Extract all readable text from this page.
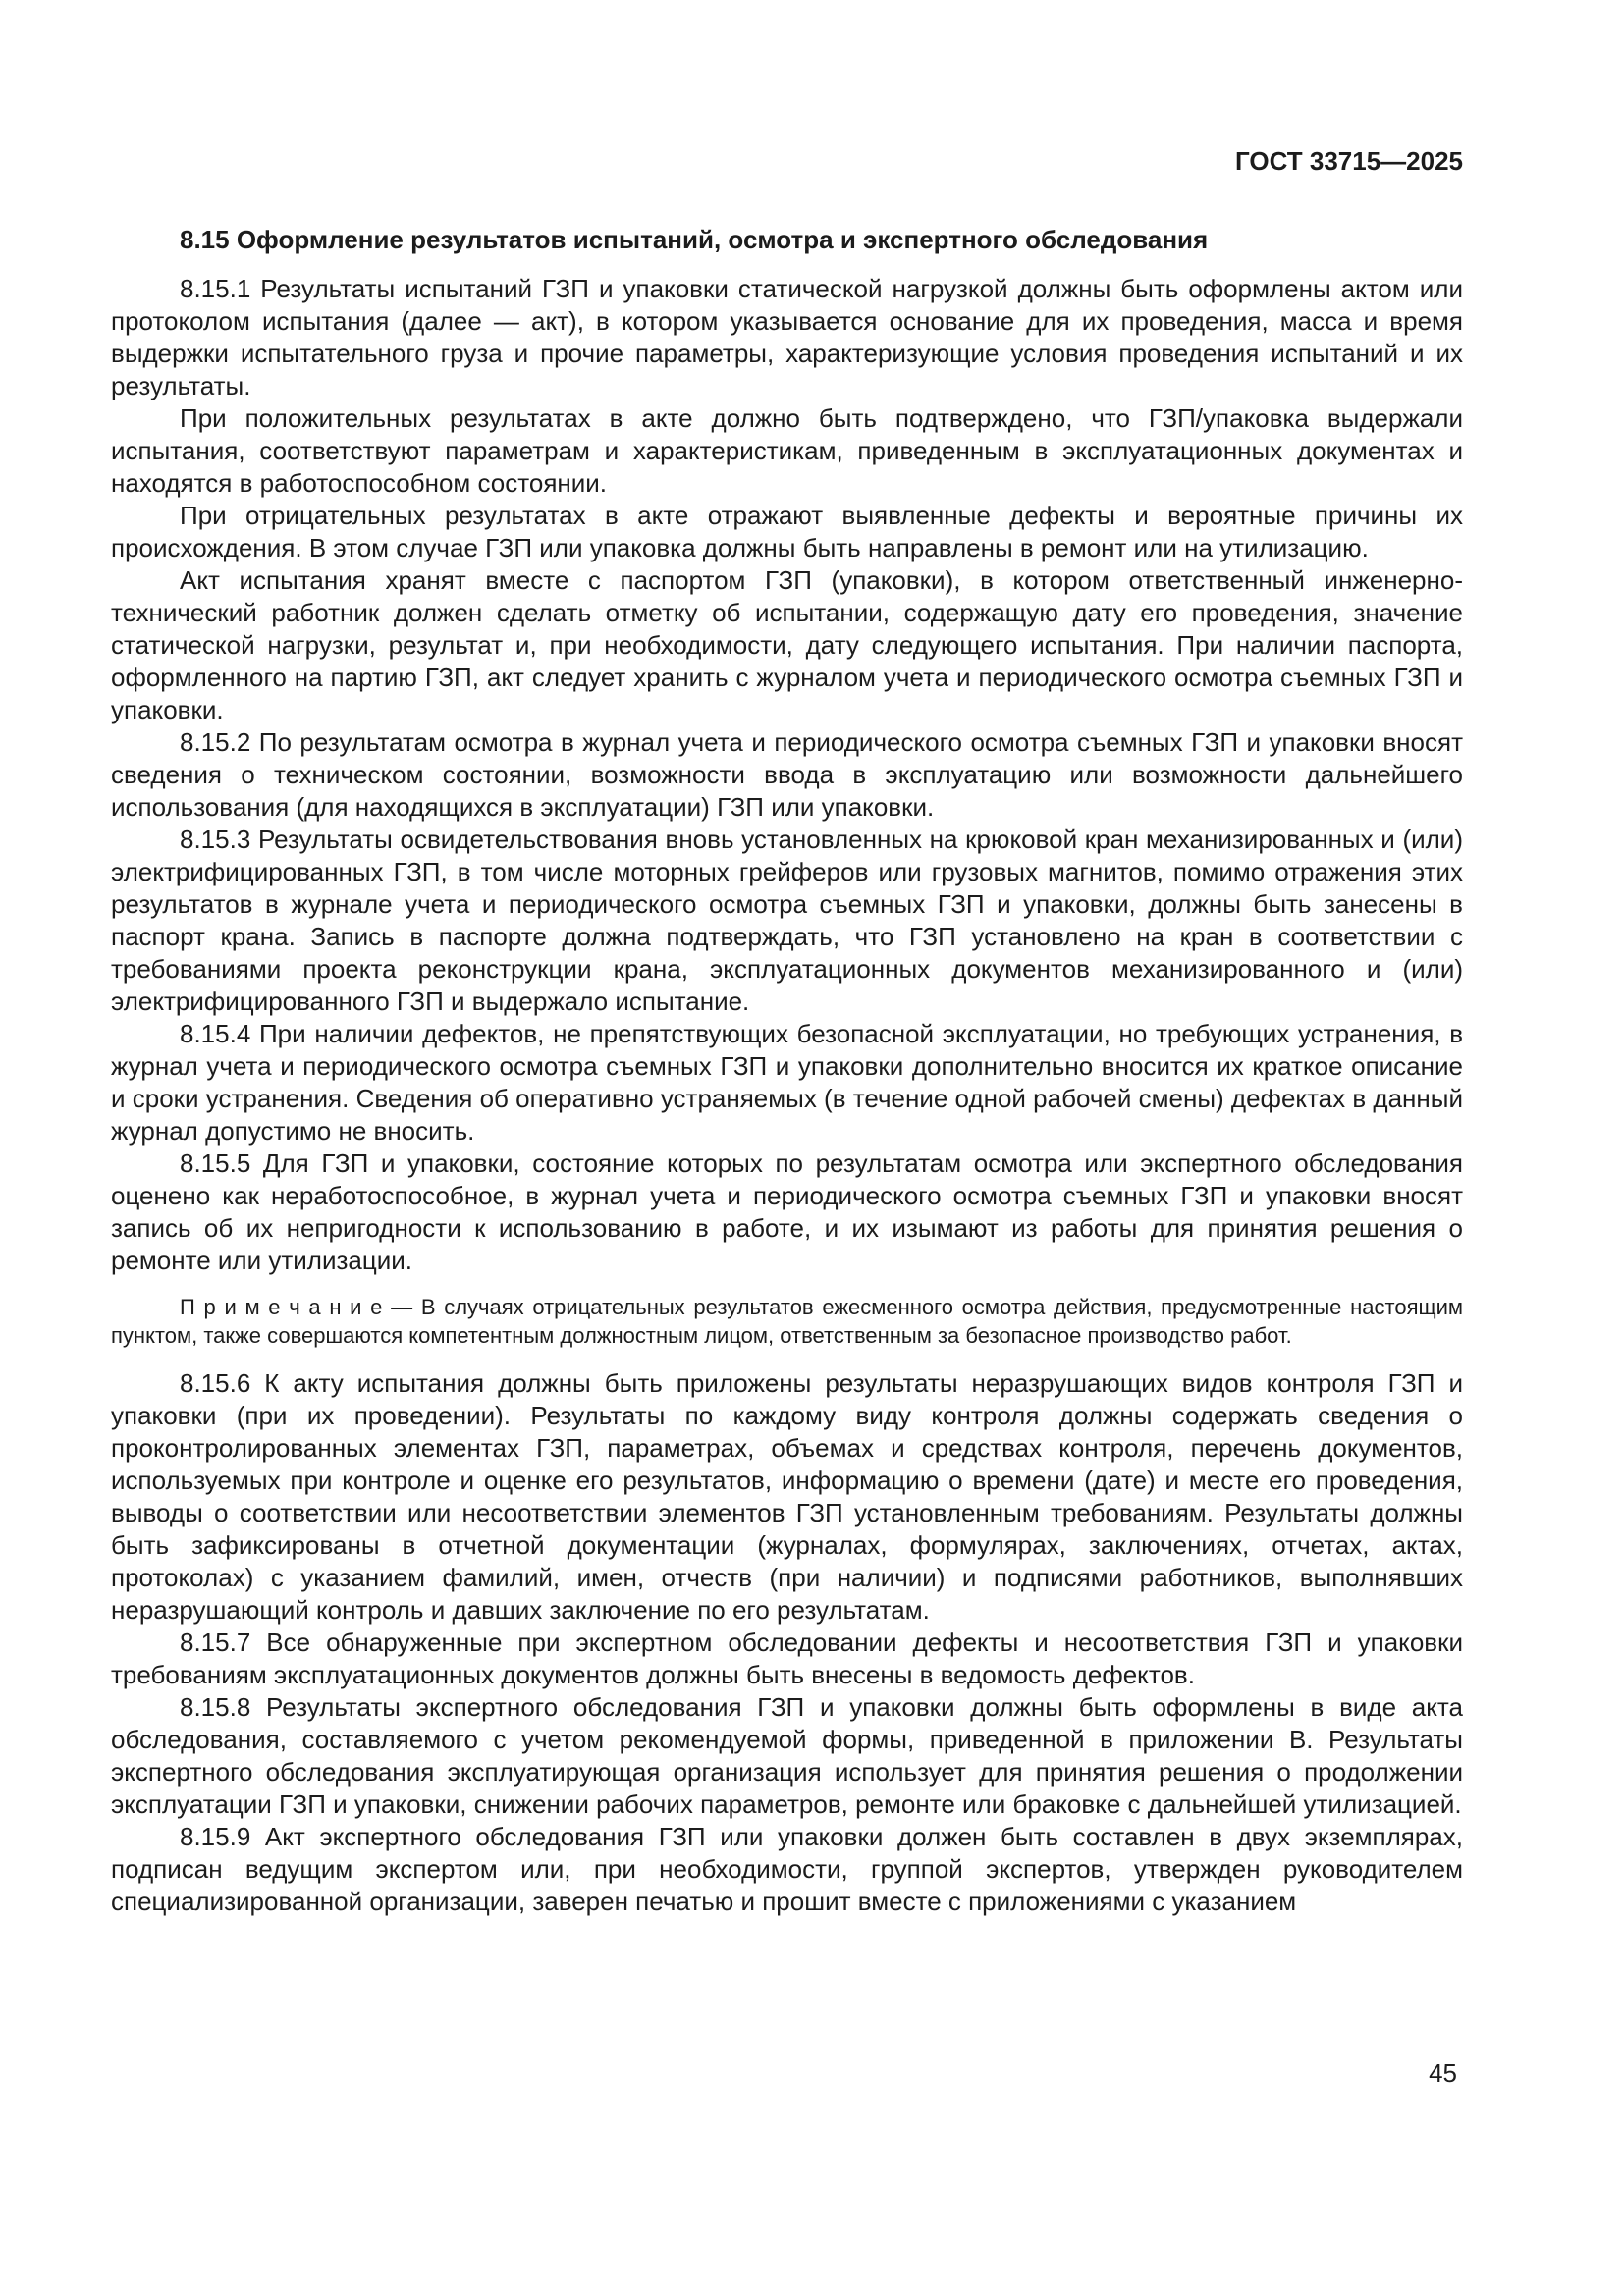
ГОСТ 33715—2025
8.15 Оформление результатов испытаний, осмотра и экспертного обследования

8.15.1 Результаты испытаний ГЗП и упаковки статической нагрузкой должны быть оформлены актом или протоколом испытания (далее — акт), в котором указывается основание для их проведения, масса и время выдержки испытательного груза и прочие параметры, характеризующие условия проведения испытаний и их результаты.

При положительных результатах в акте должно быть подтверждено, что ГЗП/упаковка выдержали испытания, соответствуют параметрам и характеристикам, приведенным в эксплуатационных документах и находятся в работоспособном состоянии.

При отрицательных результатах в акте отражают выявленные дефекты и вероятные причины их происхождения. В этом случае ГЗП или упаковка должны быть направлены в ремонт или на утилизацию.

Акт испытания хранят вместе с паспортом ГЗП (упаковки), в котором ответственный инженерно-технический работник должен сделать отметку об испытании, содержащую дату его проведения, значение статической нагрузки, результат и, при необходимости, дату следующего испытания. При наличии паспорта, оформленного на партию ГЗП, акт следует хранить с журналом учета и периодического осмотра съемных ГЗП и упаковки.

8.15.2 По результатам осмотра в журнал учета и периодического осмотра съемных ГЗП и упаковки вносят сведения о техническом состоянии, возможности ввода в эксплуатацию или возможности дальнейшего использования (для находящихся в эксплуатации) ГЗП или упаковки.

8.15.3 Результаты освидетельствования вновь установленных на крюковой кран механизированных и (или) электрифицированных ГЗП, в том числе моторных грейферов или грузовых магнитов, помимо отражения этих результатов в журнале учета и периодического осмотра съемных ГЗП и упаковки, должны быть занесены в паспорт крана. Запись в паспорте должна подтверждать, что ГЗП установлено на кран в соответствии с требованиями проекта реконструкции крана, эксплуатационных документов механизированного и (или) электрифицированного ГЗП и выдержало испытание.

8.15.4 При наличии дефектов, не препятствующих безопасной эксплуатации, но требующих устранения, в журнал учета и периодического осмотра съемных ГЗП и упаковки дополнительно вносится их краткое описание и сроки устранения. Сведения об оперативно устраняемых (в течение одной рабочей смены) дефектах в данный журнал допустимо не вносить.

8.15.5 Для ГЗП и упаковки, состояние которых по результатам осмотра или экспертного обследования оценено как неработоспособное, в журнал учета и периодического осмотра съемных ГЗП и упаковки вносят запись об их непригодности к использованию в работе, и их изымают из работы для принятия решения о ремонте или утилизации.

П р и м е ч а н и е — В случаях отрицательных результатов ежесменного осмотра действия, предусмотренные настоящим пунктом, также совершаются компетентным должностным лицом, ответственным за безопасное производство работ.

8.15.6 К акту испытания должны быть приложены результаты неразрушающих видов контроля ГЗП и упаковки (при их проведении). Результаты по каждому виду контроля должны содержать сведения о проконтролированных элементах ГЗП, параметрах, объемах и средствах контроля, перечень документов, используемых при контроле и оценке его результатов, информацию о времени (дате) и месте его проведения, выводы о соответствии или несоответствии элементов ГЗП установленным требованиям. Результаты должны быть зафиксированы в отчетной документации (журналах, формулярах, заключениях, отчетах, актах, протоколах) с указанием фамилий, имен, отчеств (при наличии) и подписями работников, выполнявших неразрушающий контроль и давших заключение по его результатам.

8.15.7 Все обнаруженные при экспертном обследовании дефекты и несоответствия ГЗП и упаковки требованиям эксплуатационных документов должны быть внесены в ведомость дефектов.

8.15.8 Результаты экспертного обследования ГЗП и упаковки должны быть оформлены в виде акта обследования, составляемого с учетом рекомендуемой формы, приведенной в приложении В. Результаты экспертного обследования эксплуатирующая организация использует для принятия решения о продолжении эксплуатации ГЗП и упаковки, снижении рабочих параметров, ремонте или браковке с дальнейшей утилизацией.

8.15.9 Акт экспертного обследования ГЗП или упаковки должен быть составлен в двух экземплярах, подписан ведущим экспертом или, при необходимости, группой экспертов, утвержден руководителем специализированной организации, заверен печатью и прошит вместе с приложениями с указанием

45
